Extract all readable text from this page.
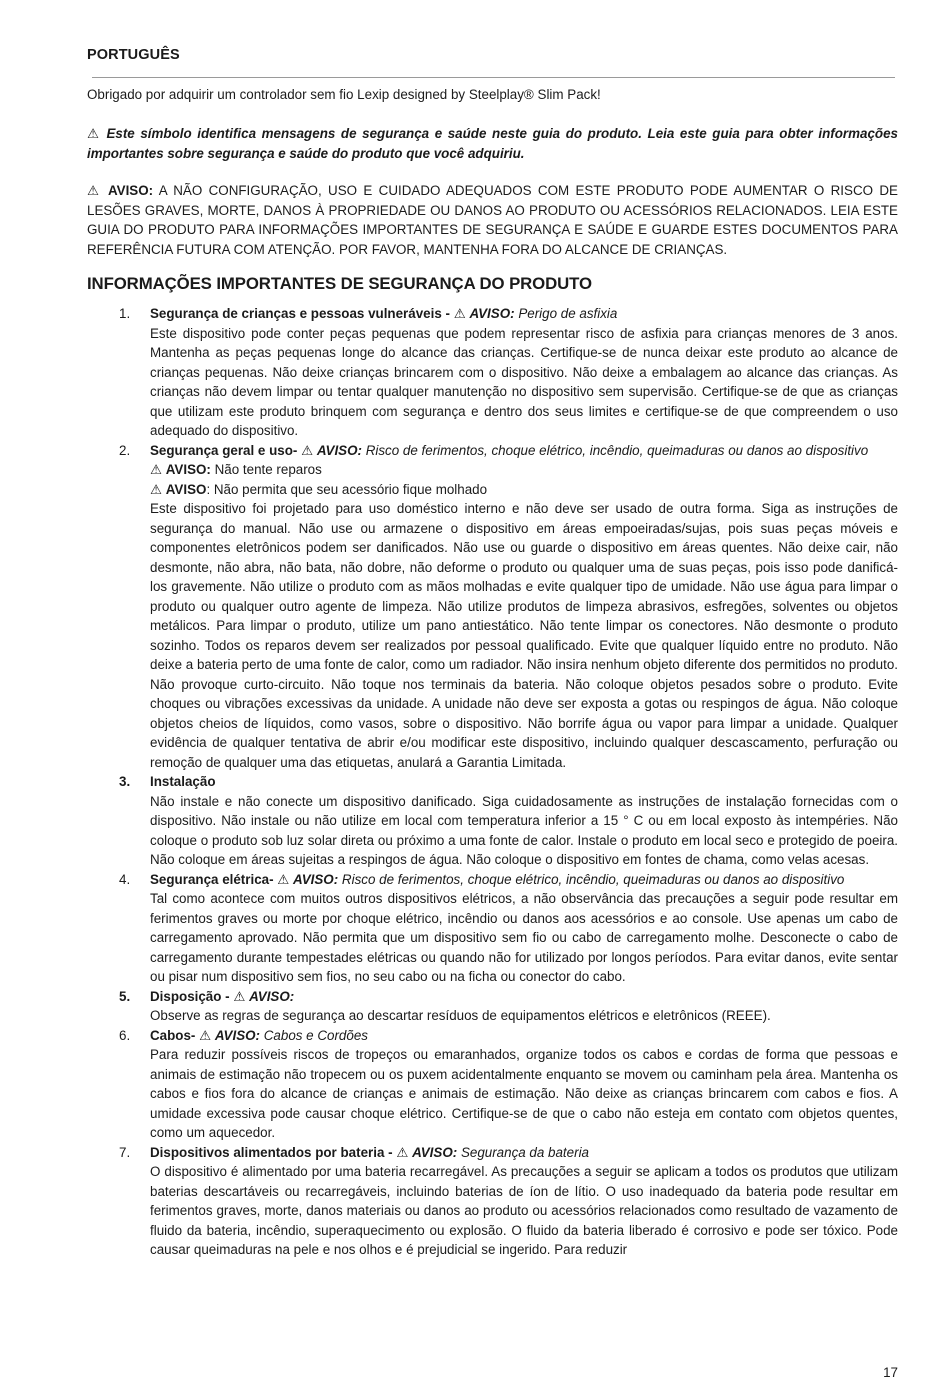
PORTUGUÊS
Obrigado por adquirir um controlador sem fio Lexip designed by Steelplay® Slim Pack!
⚠ Este símbolo identifica mensagens de segurança e saúde neste guia do produto. Leia este guia para obter informações importantes sobre segurança e saúde do produto que você adquiriu.
⚠ AVISO: A NÃO CONFIGURAÇÃO, USO E CUIDADO ADEQUADOS COM ESTE PRODUTO PODE AUMENTAR O RISCO DE LESÕES GRAVES, MORTE, DANOS À PROPRIEDADE OU DANOS AO PRODUTO OU ACESSÓRIOS RELACIONADOS. LEIA ESTE GUIA DO PRODUTO PARA INFORMAÇÕES IMPORTANTES DE SEGURANÇA E SAÚDE E GUARDE ESTES DOCUMENTOS PARA REFERÊNCIA FUTURA COM ATENÇÃO. POR FAVOR, MANTENHA FORA DO ALCANCE DE CRIANÇAS.
INFORMAÇÕES IMPORTANTES DE SEGURANÇA DO PRODUTO
1.	Segurança de crianças e pessoas vulneráveis - ⚠ AVISO: Perigo de asfixia
Este dispositivo pode conter peças pequenas que podem representar risco de asfixia para crianças menores de 3 anos. Mantenha as peças pequenas longe do alcance das crianças. Certifique-se de nunca deixar este produto ao alcance de crianças pequenas. Não deixe crianças brincarem com o dispositivo. Não deixe a embalagem ao alcance das crianças. As crianças não devem limpar ou tentar qualquer manutenção no dispositivo sem supervisão. Certifique-se de que as crianças que utilizam este produto brinquem com segurança e dentro dos seus limites e certifique-se de que compreendem o uso adequado do dispositivo.
2.	Segurança geral e uso- ⚠ AVISO: Risco de ferimentos, choque elétrico, incêndio, queimaduras ou danos ao dispositivo
⚠ AVISO: Não tente reparos
⚠ AVISO: Não permita que seu acessório fique molhado
Este dispositivo foi projetado para uso doméstico interno e não deve ser usado de outra forma. Siga as instruções de segurança do manual. Não use ou armazene o dispositivo em áreas empoeiradas/sujas, pois suas peças móveis e componentes eletrônicos podem ser danificados. Não use ou guarde o dispositivo em áreas quentes. Não deixe cair, não desmonte, não abra, não bata, não dobre, não deforme o produto ou qualquer uma de suas peças, pois isso pode danificá-los gravemente. Não utilize o produto com as mãos molhadas e evite qualquer tipo de umidade. Não use água para limpar o produto ou qualquer outro agente de limpeza. Não utilize produtos de limpeza abrasivos, esfregões, solventes ou objetos metálicos. Para limpar o produto, utilize um pano antiestático. Não tente limpar os conectores. Não desmonte o produto sozinho. Todos os reparos devem ser realizados por pessoal qualificado. Evite que qualquer líquido entre no produto. Não deixe a bateria perto de uma fonte de calor, como um radiador. Não insira nenhum objeto diferente dos permitidos no produto. Não provoque curto-circuito. Não toque nos terminais da bateria. Não coloque objetos pesados sobre o produto. Evite choques ou vibrações excessivas da unidade. A unidade não deve ser exposta a gotas ou respingos de água. Não coloque objetos cheios de líquidos, como vasos, sobre o dispositivo. Não borrife água ou vapor para limpar a unidade. Qualquer evidência de qualquer tentativa de abrir e/ou modificar este dispositivo, incluindo qualquer descascamento, perfuração ou remoção de qualquer uma das etiquetas, anulará a Garantia Limitada.
3.	Instalação
Não instale e não conecte um dispositivo danificado. Siga cuidadosamente as instruções de instalação fornecidas com o dispositivo. Não instale ou não utilize em local com temperatura inferior a 15 ° C ou em local exposto às intempéries. Não coloque o produto sob luz solar direta ou próximo a uma fonte de calor. Instale o produto em local seco e protegido de poeira. Não coloque em áreas sujeitas a respingos de água. Não coloque o dispositivo em fontes de chama, como velas acesas.
4.	Segurança elétrica- ⚠ AVISO: Risco de ferimentos, choque elétrico, incêndio, queimaduras ou danos ao dispositivo
Tal como acontece com muitos outros dispositivos elétricos, a não observância das precauções a seguir pode resultar em ferimentos graves ou morte por choque elétrico, incêndio ou danos aos acessórios e ao console. Use apenas um cabo de carregamento aprovado. Não permita que um dispositivo sem fio ou cabo de carregamento molhe. Desconecte o cabo de carregamento durante tempestades elétricas ou quando não for utilizado por longos períodos. Para evitar danos, evite sentar ou pisar num dispositivo sem fios, no seu cabo ou na ficha ou conector do cabo.
5.	Disposição - ⚠ AVISO:
Observe as regras de segurança ao descartar resíduos de equipamentos elétricos e eletrônicos (REEE).
6.	Cabos- ⚠ AVISO: Cabos e Cordões
Para reduzir possíveis riscos de tropeços ou emaranhados, organize todos os cabos e cordas de forma que pessoas e animais de estimação não tropecem ou os puxem acidentalmente enquanto se movem ou caminham pela área. Mantenha os cabos e fios fora do alcance de crianças e animais de estimação. Não deixe as crianças brincarem com cabos e fios. A umidade excessiva pode causar choque elétrico. Certifique-se de que o cabo não esteja em contato com objetos quentes, como um aquecedor.
7.	Dispositivos alimentados por bateria - ⚠ AVISO: Segurança da bateria
O dispositivo é alimentado por uma bateria recarregável. As precauções a seguir se aplicam a todos os produtos que utilizam baterias descartáveis ou recarregáveis, incluindo baterias de íon de lítio. O uso inadequado da bateria pode resultar em ferimentos graves, morte, danos materiais ou danos ao produto ou acessórios relacionados como resultado de vazamento de fluido da bateria, incêndio, superaquecimento ou explosão. O fluido da bateria liberado é corrosivo e pode ser tóxico. Pode causar queimaduras na pele e nos olhos e é prejudicial se ingerido. Para reduzir
17
